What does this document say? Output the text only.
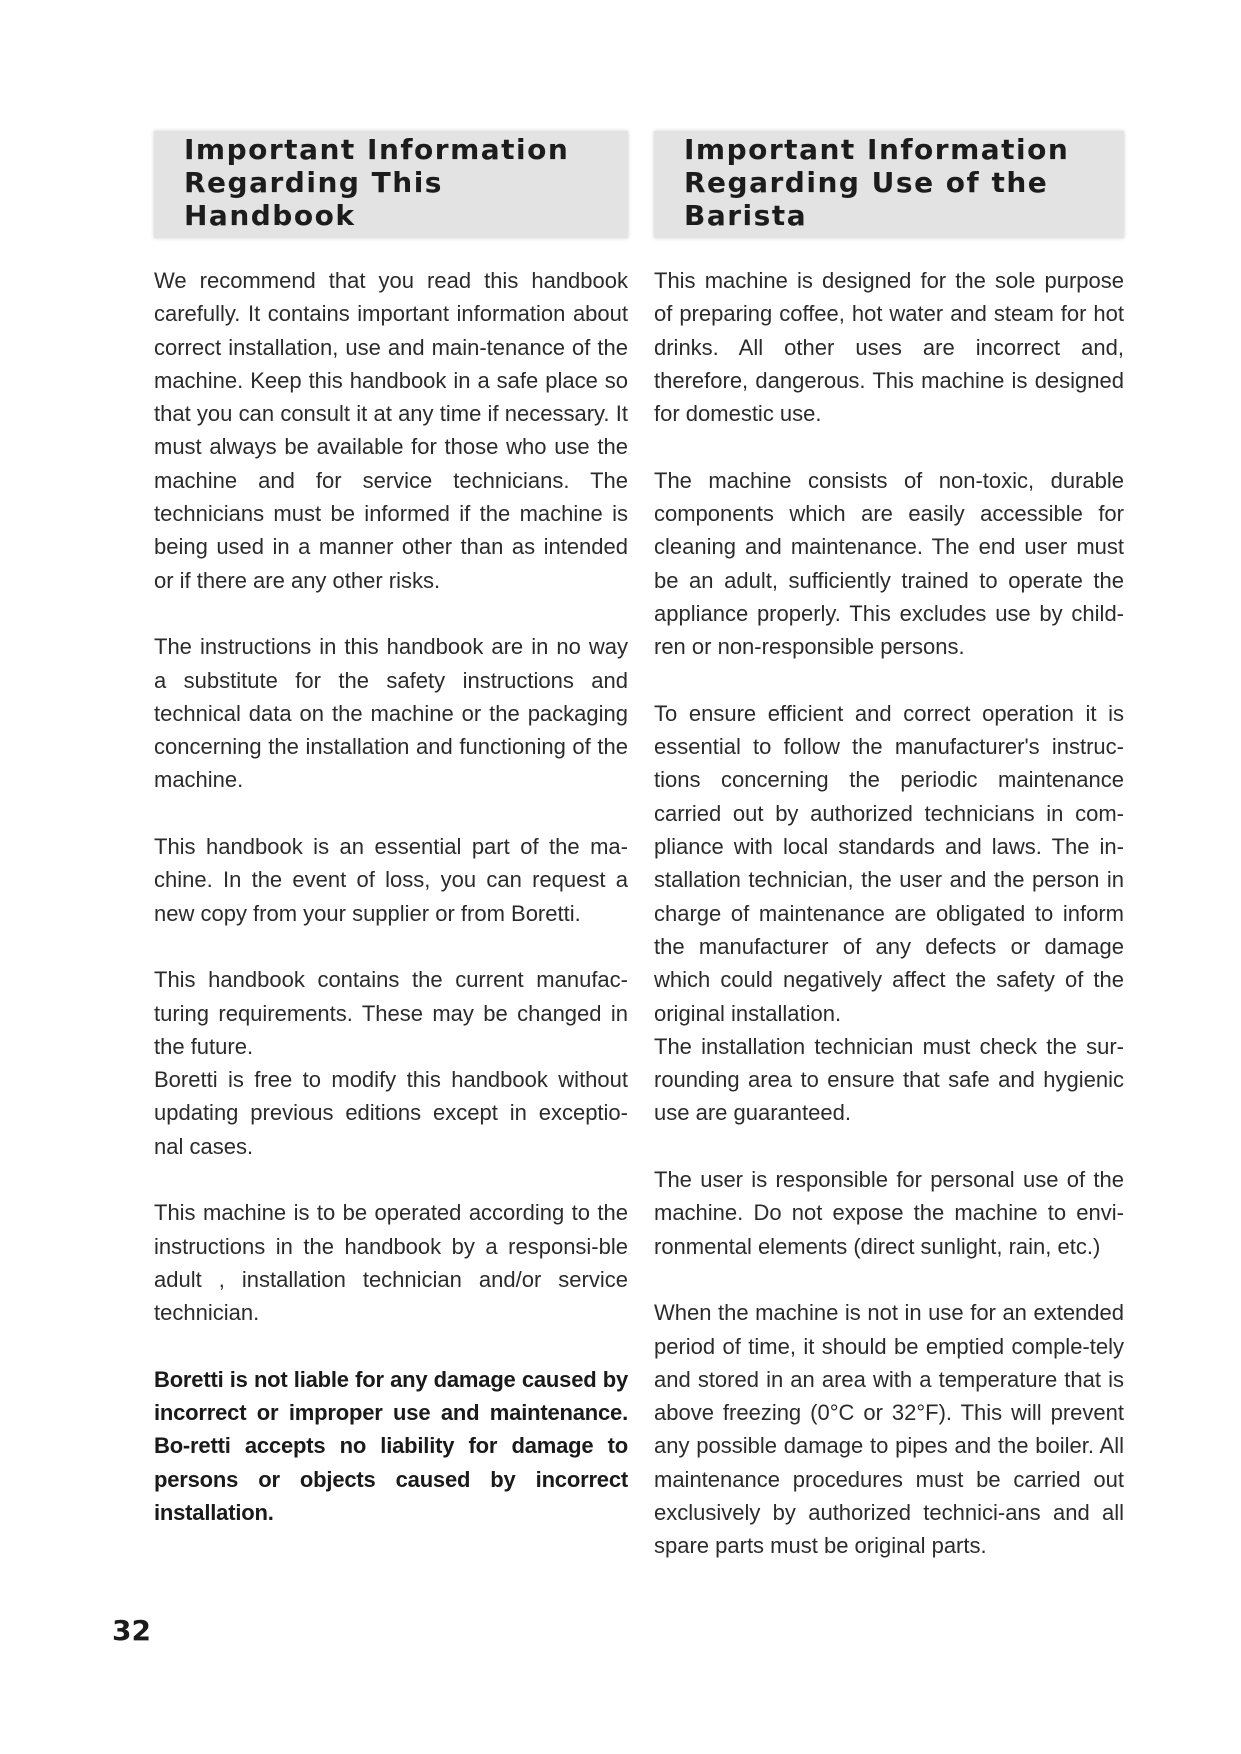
Important Information
Regarding This
Handbook

We recommend that you read this handbook carefully. It contains important information about correct installation, use and main-tenance of the machine. Keep this handbook in a safe place so that you can consult it at any time if necessary. It must always be available for those who use the machine and for service technicians. The technicians must be informed if the machine is being used in a manner other than as intended or if there are any other risks.

The instructions in this handbook are in no way a substitute for the safety instructions and technical data on the machine or the packaging concerning the installation and functioning of the machine.

This handbook is an essential part of the ma-chine. In the event of loss, you can request a new copy from your supplier or from Boretti.

This handbook contains the current manufac-turing requirements. These may be changed in the future.

Boretti is free to modify this handbook without updating previous editions except in exceptio-nal cases.

This machine is to be operated according to the instructions in the handbook by a responsi-ble adult , installation technician and/or service technician.

Boretti is not liable for any damage caused by incorrect or improper use and maintenance. Bo-retti accepts no liability for damage to persons or objects caused by incorrect installation.

Important Information
Regarding Use of the
Barista

This machine is designed for the sole purpose of preparing coffee, hot water and steam for hot drinks. All other uses are incorrect and, therefore, dangerous. This machine is designed for domestic use.

The machine consists of non-toxic, durable components which are easily accessible for cleaning and maintenance. The end user must be an adult, sufficiently trained to operate the appliance properly. This excludes use by child-ren or non-responsible persons.

To ensure efficient and correct operation it is essential to follow the manufacturer's instruc-tions concerning the periodic maintenance carried out by authorized technicians in com-pliance with local standards and laws. The in-stallation technician, the user and the person in charge of maintenance are obligated to inform the manufacturer of any defects or damage which could negatively affect the safety of the original installation.

The installation technician must check the sur-rounding area to ensure that safe and hygienic use are guaranteed.

The user is responsible for personal use of the machine. Do not expose the machine to envi-ronmental elements (direct sunlight, rain, etc.)

When the machine is not in use for an extended period of time, it should be emptied comple-tely and stored in an area with a temperature that is above freezing (0°C or 32°F). This will prevent any possible damage to pipes and the boiler. All maintenance procedures must be carried out exclusively by authorized technici-ans and all spare parts must be original parts.

32
